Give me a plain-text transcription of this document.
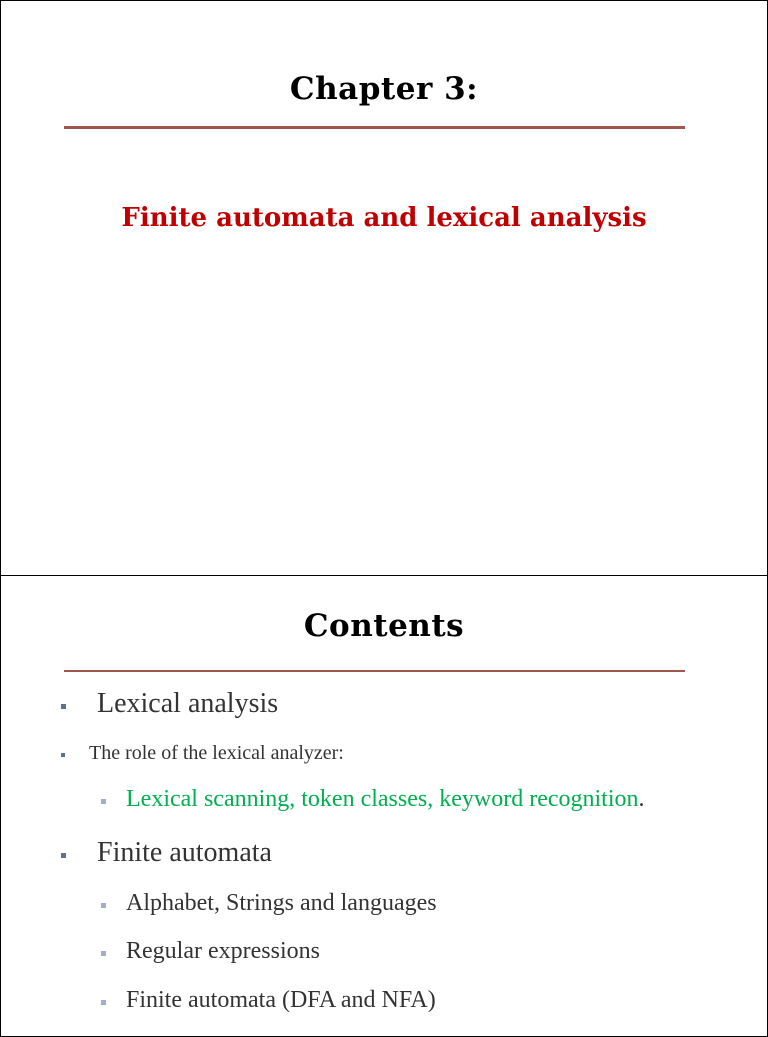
Chapter 3:
Finite automata and lexical analysis
Contents
Lexical analysis
The role of the lexical analyzer:
Lexical scanning, token classes, keyword recognition.
Finite automata
Alphabet, Strings and languages
Regular expressions
Finite automata (DFA and NFA)
